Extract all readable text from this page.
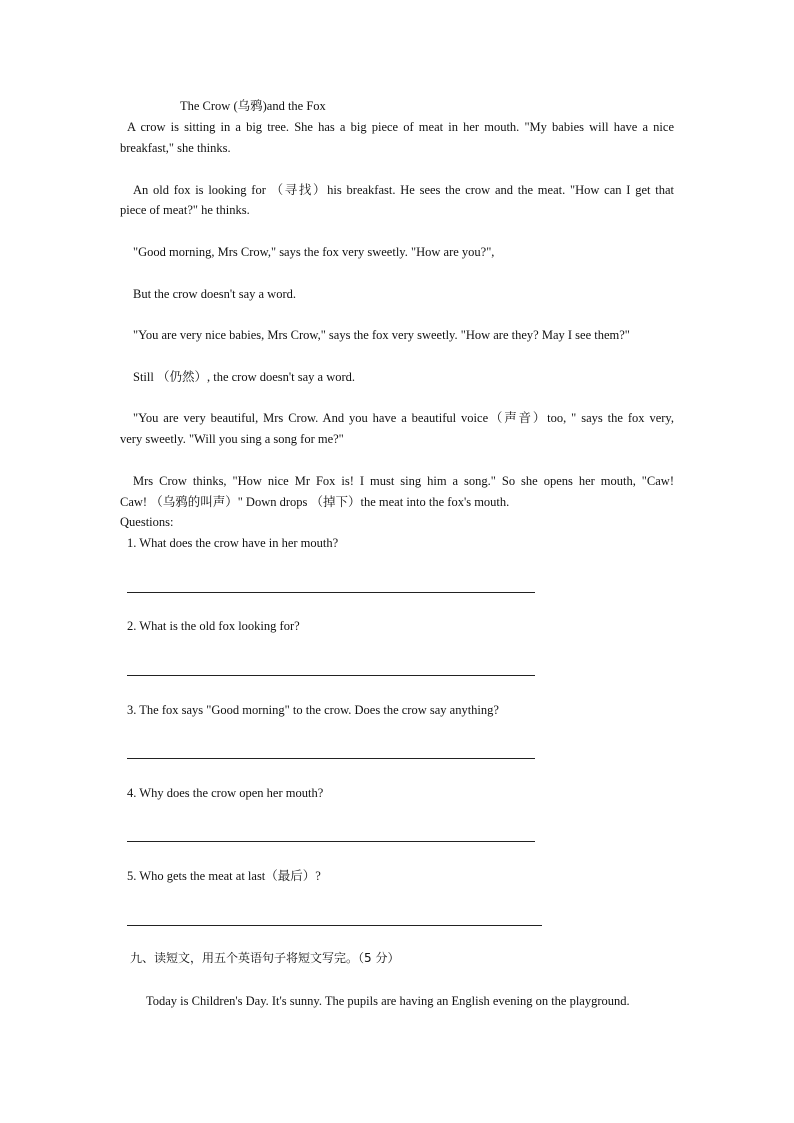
The Crow (乌鸦)and the Fox
A crow is sitting in a big tree. She has a big piece of meat in her mouth. "My babies will have a nice
breakfast," she thinks.
An old fox is looking for （寻找）his breakfast. He sees the crow and the meat. "How can I get that
piece of meat?" he thinks.
"Good morning, Mrs Crow," says the fox very sweetly. "How are you?",
But the crow doesn't say a word.
"You are very nice babies, Mrs Crow," says the fox very sweetly. "How are they? May I see them?"
Still （仍然）, the crow doesn't say a word.
"You are very beautiful, Mrs Crow. And you have a beautiful voice（声音）too, " says the fox very,
very sweetly. "Will you sing a song for me?"
Mrs Crow thinks, "How nice Mr Fox is! I must sing him a song." So she opens her mouth, "Caw!
Caw! （乌鸦的叫声）" Down drops （掉下）the meat into the fox's mouth.
Questions:
1. What does the crow have in her mouth?
2. What is the old fox looking for?
3. The fox says "Good morning" to the crow. Does the crow say anything?
4. Why does the crow open her mouth?
5. Who gets the meat at last（最后）?
九、读短文，用五个英语句子将短文写完。（5 分）
Today is Children's Day. It's sunny. The pupils are having an English evening on the playground.
